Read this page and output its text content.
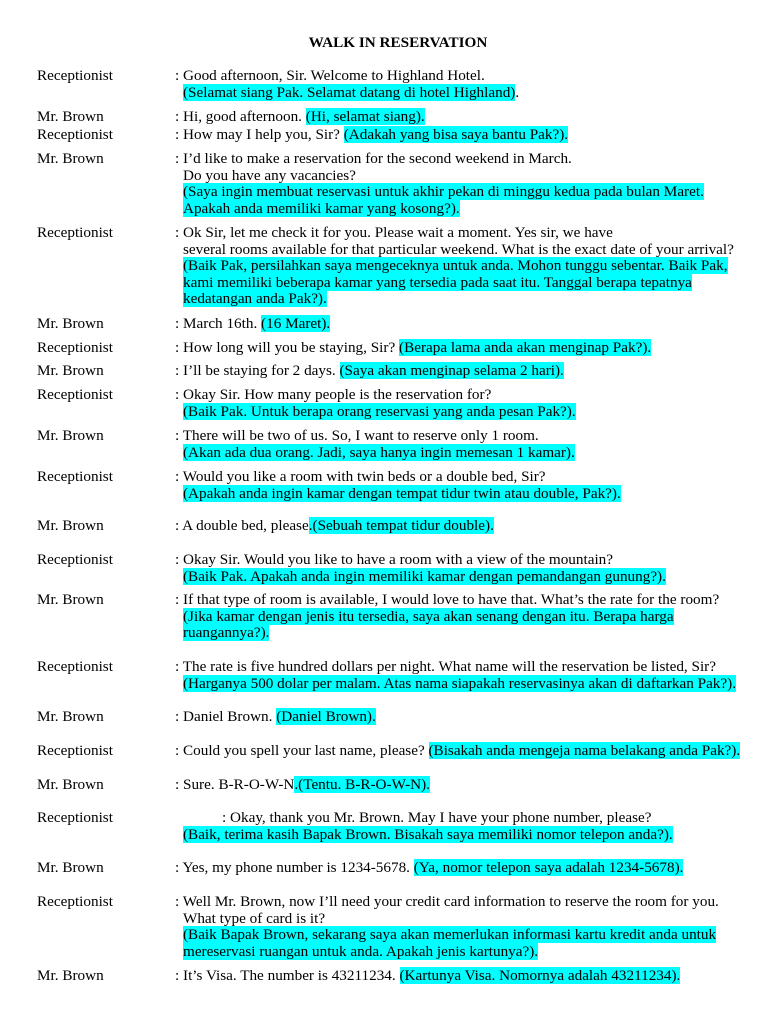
WALK IN RESERVATION
Receptionist	: Good afternoon, Sir. Welcome to Highland Hotel.
(Selamat siang Pak. Selamat datang di hotel Highland).
Mr. Brown	: Hi, good afternoon. (Hi, selamat siang).
Receptionist	: How may I help you, Sir? (Adakah yang bisa saya bantu Pak?).
Mr. Brown	: I’d like to make a reservation for the second weekend in March.
Do you have any vacancies?
(Saya ingin membuat reservasi untuk akhir pekan di minggu kedua pada bulan Maret.
Apakah anda memiliki kamar yang kosong?).
Receptionist	: Ok Sir, let me check it for you. Please wait a moment. Yes sir, we have
several rooms available for that particular weekend. What is the exact date of your arrival?
(Baik Pak, persilahkan saya mengeceknya untuk anda. Mohon tunggu sebentar. Baik Pak,
kami memiliki beberapa kamar yang tersedia pada saat itu. Tanggal berapa tepatnya
kedatangan anda Pak?).
Mr. Brown	: March 16th. (16 Maret).
Receptionist	: How long will you be staying, Sir? (Berapa lama anda akan menginap Pak?).
Mr. Brown	: I’ll be staying for 2 days. (Saya akan menginap selama 2 hari).
Receptionist	: Okay Sir. How many people is the reservation for?
(Baik Pak. Untuk berapa orang reservasi yang anda pesan Pak?).
Mr. Brown	: There will be two of us. So, I want to reserve only 1 room.
(Akan ada dua orang. Jadi, saya hanya ingin memesan 1 kamar).
Receptionist	: Would you like a room with twin beds or a double bed, Sir?
(Apakah anda ingin kamar dengan tempat tidur twin atau double, Pak?).
Mr. Brown	: A double bed, please.(Sebuah tempat tidur double).
Receptionist	: Okay Sir. Would you like to have a room with a view of the mountain?
(Baik Pak. Apakah anda ingin memiliki kamar dengan pemandangan gunung?).
Mr. Brown	: If that type of room is available, I would love to have that. What’s the rate for the room?
(Jika kamar dengan jenis itu tersedia, saya akan senang dengan itu. Berapa harga
ruangannya?).
Receptionist	: The rate is five hundred dollars per night. What name will the reservation be listed, Sir?
(Harganya 500 dolar per malam. Atas nama siapakah reservasinya akan di daftarkan Pak?).
Mr. Brown	: Daniel Brown. (Daniel Brown).
Receptionist	: Could you spell your last name, please? (Bisakah anda mengeja nama belakang anda Pak?).
Mr. Brown	: Sure. B-R-O-W-N.(Tentu. B-R-O-W-N).
Receptionist	: Okay, thank you Mr. Brown. May I have your phone number, please?
(Baik, terima kasih Bapak Brown. Bisakah saya memiliki nomor telepon anda?).
Mr. Brown	: Yes, my phone number is 1234-5678. (Ya, nomor telepon saya adalah 1234-5678).
Receptionist	: Well Mr. Brown, now I’ll need your credit card information to reserve the room for you.
What type of card is it?
(Baik Bapak Brown, sekarang saya akan memerlukan informasi kartu kredit anda untuk
mereservasi ruangan untuk anda. Apakah jenis kartunya?).
Mr. Brown	: It’s Visa. The number is 43211234. (Kartunya Visa. Nomornya adalah 43211234).
